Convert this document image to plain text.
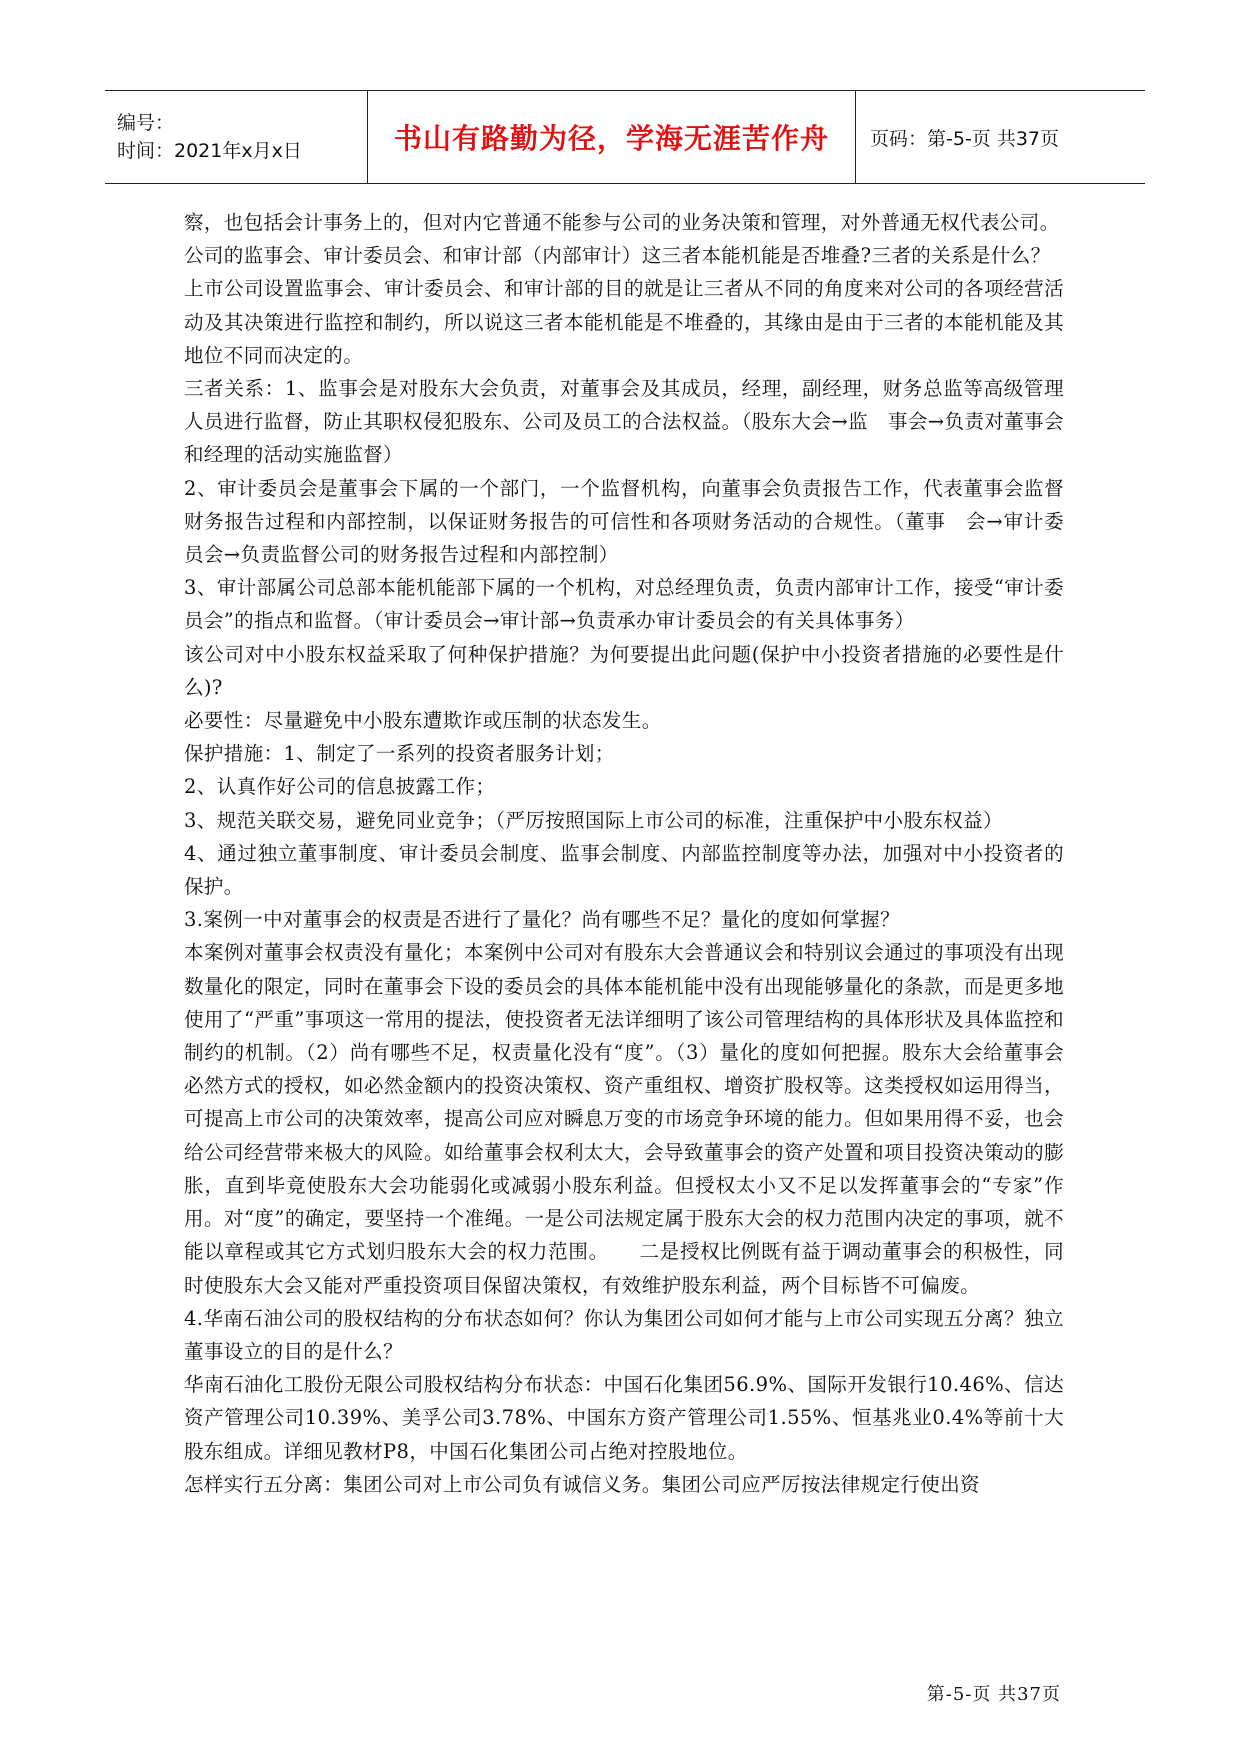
编号：
时间：2021年x月x日	书山有路勤为径，学海无涯苦作舟 页码：第-5-页 共37页

察，也包括会计事务上的，但对内它普通不能参与公司的业务决策和管理，对外普通无权代表公司。

公司的监事会、审计委员会、和审计部（内部审计）这三者本能机能是否堆叠?三者的关系是什么？

上市公司设置监事会、审计委员会、和审计部的目的就是让三者从不同的角度来对公司的各项经营活动及其决策进行监控和制约，所以说这三者本能机能是不堆叠的，其缘由是由于三者的本能机能及其地位不同而决定的。

三者关系：1、监事会是对股东大会负责，对董事会及其成员，经理，副经理，财务总监等高级管理人员进行监督，防止其职权侵犯股东、公司及员工的合法权益。（股东大会→监　事会→负责对董事会和经理的活动实施监督）

2、审计委员会是董事会下属的一个部门，一个监督机构，向董事会负责报告工作，代表董事会监督财务报告过程和内部控制，以保证财务报告的可信性和各项财务活动的合规性。（董事　会→审计委员会→负责监督公司的财务报告过程和内部控制）

3、审计部属公司总部本能机能部下属的一个机构，对总经理负责，负责内部审计工作，接受“审计委员会”的指点和监督。（审计委员会→审计部→负责承办审计委员会的有关具体事务）

该公司对中小股东权益采取了何种保护措施？为何要提出此问题(保护中小投资者措施的必要性是什么)?

必要性：尽量避免中小股东遭欺诈或压制的状态发生。

保护措施：1、制定了一系列的投资者服务计划；

2、认真作好公司的信息披露工作；

3、规范关联交易，避免同业竞争；（严厉按照国际上市公司的标准，注重保护中小股东权益）

4、通过独立董事制度、审计委员会制度、监事会制度、内部监控制度等办法，加强对中小投资者的保护。

3.案例一中对董事会的权责是否进行了量化？尚有哪些不足？量化的度如何掌握？

本案例对董事会权责没有量化；本案例中公司对有股东大会普通议会和特别议会通过的事项没有出现数量化的限定，同时在董事会下设的委员会的具体本能机能中没有出现能够量化的条款，而是更多地使用了“严重”事项这一常用的提法，使投资者无法详细明了该公司管理结构的具体形状及具体监控和制约的机制。（2）尚有哪些不足，权责量化没有“度”。（3）量化的度如何把握。股东大会给董事会必然方式的授权，如必然金额内的投资决策权、资产重组权、增资扩股权等。这类授权如运用得当，可提高上市公司的决策效率，提高公司应对瞬息万变的市场竞争环境的能力。但如果用得不妥，也会给公司经营带来极大的风险。如给董事会权利太大，会导致董事会的资产处置和项目投资决策动的膨胀，直到毕竟使股东大会功能弱化或减弱小股东利益。但授权太小又不足以发挥董事会的“专家”作用。对“度”的确定，要坚持一个准绳。一是公司法规定属于股东大会的权力范围内决定的事项，就不能以章程或其它方式划归股东大会的权力范围。　　二是授权比例既有益于调动董事会的积极性，同时使股东大会又能对严重投资项目保留决策权，有效维护股东利益，两个目标皆不可偏废。

4.华南石油公司的股权结构的分布状态如何？你认为集团公司如何才能与上市公司实现五分离？独立董事设立的目的是什么？

华南石油化工股份无限公司股权结构分布状态：中国石化集团56.9%、国际开发银行10.46%、信达资产管理公司10.39%、美孚公司3.78%、中国东方资产管理公司1.55%、恒基兆业0.4%等前十大股东组成。详细见教材P8，中国石化集团公司占绝对控股地位。

怎样实行五分离：集团公司对上市公司负有诚信义务。集团公司应严厉按法律规定行使出资

第-5-页 共37页
